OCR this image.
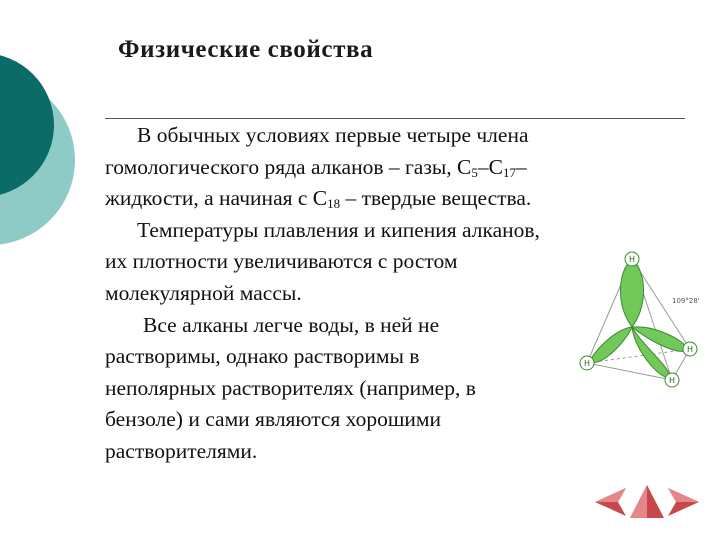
Физические свойства
В обычных условиях первые четыре члена
гомологического ряда алканов – газы, $С_5-С_{17}-$
жидкости, а начиная с $С_{18}$ – твердые вещества.
Температуры плавления и кипения алканов,
их плотности увеличиваются с ростом
молекулярной массы.
Все алканы легче воды, в ней не
растворимы, однако растворимы в
неполярных растворителях (например, в
бензоле) и сами являются хорошими
растворителями.
H
H
H
H
109°28'
